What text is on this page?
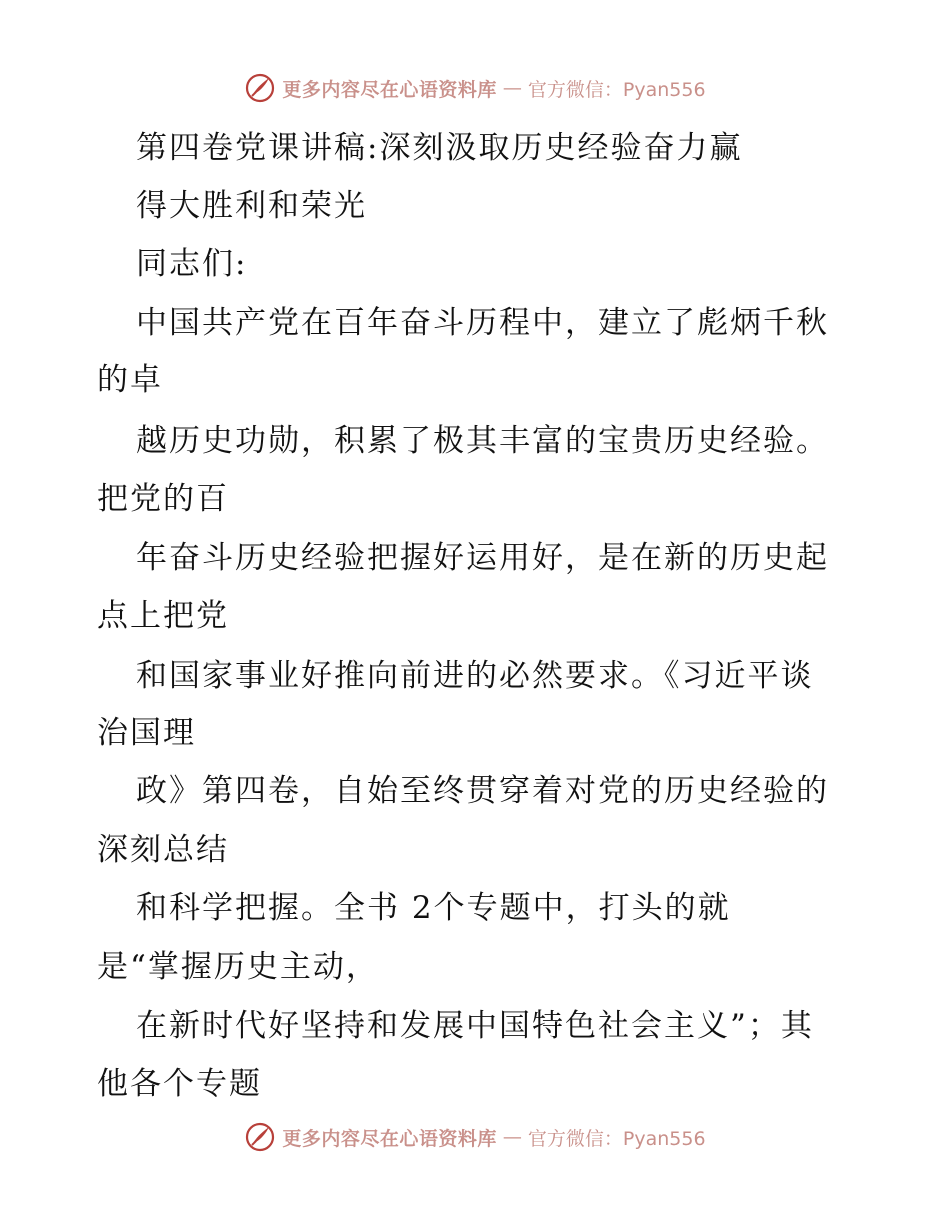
更多内容尽在心语资料库 — 官方微信：Pyan556
第四卷党课讲稿:深刻汲取历史经验奋力赢
得大胜利和荣光
同志们:
中国共产党在百年奋斗历程中，建立了彪炳千秋
的卓
越历史功勋，积累了极其丰富的宝贵历史经验。
把党的百
年奋斗历史经验把握好运用好，是在新的历史起
点上把党
和国家事业好推向前进的必然要求。《习近平谈
治国理
政》第四卷，自始至终贯穿着对党的历史经验的
深刻总结
和科学把握。全书 2个专题中，打头的就
是“掌握历史主动，
在新时代好坚持和发展中国特色社会主义”；其
他各个专题
更多内容尽在心语资料库 — 官方微信：Pyan556
